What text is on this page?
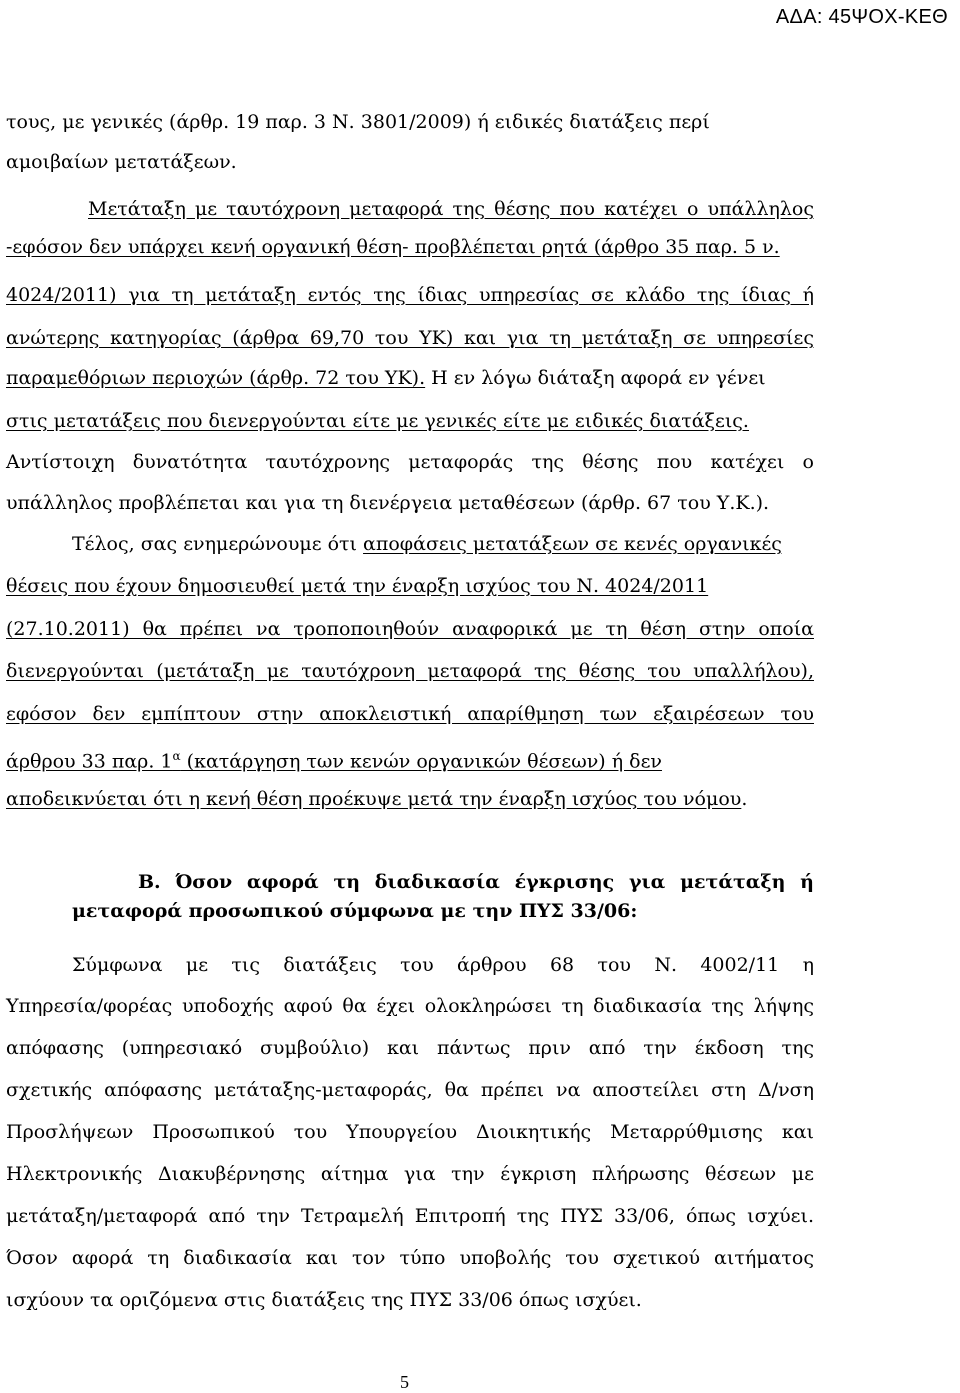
ΑΔΑ: 45ΨΟΧ-ΚΕΘ
τους, με γενικές (άρθρ. 19 παρ. 3 Ν. 3801/2009) ή ειδικές διατάξεις περί
αμοιβαίων μετατάξεων.
Μετάταξη με ταυτόχρονη μεταφορά της θέσης που κατέχει ο υπάλληλος
-εφόσον δεν υπάρχει κενή οργανική θέση- προβλέπεται ρητά (άρθρο 35 παρ. 5 ν.
4024/2011) για τη μετάταξη εντός της ίδιας υπηρεσίας σε κλάδο της ίδιας ή
ανώτερης κατηγορίας (άρθρα 69,70 του ΥΚ) και για τη μετάταξη σε υπηρεσίες
παραμεθόριων περιοχών (άρθρ. 72 του ΥΚ). Η εν λόγω διάταξη αφορά εν γένει
στις μετατάξεις που διενεργούνται είτε με γενικές είτε με ειδικές διατάξεις.
Αντίστοιχη δυνατότητα ταυτόχρονης μεταφοράς της θέσης που κατέχει ο
υπάλληλος προβλέπεται και για τη διενέργεια μεταθέσεων (άρθρ. 67 του Υ.Κ.).
Τέλος, σας ενημερώνουμε ότι αποφάσεις μετατάξεων σε κενές οργανικές
θέσεις που έχουν δημοσιευθεί μετά την έναρξη ισχύος του Ν. 4024/2011
(27.10.2011) θα πρέπει να τροποποιηθούν αναφορικά με τη θέση στην οποία
διενεργούνται (μετάταξη με ταυτόχρονη μεταφορά της θέσης του υπαλλήλου),
εφόσον δεν εμπίπτουν στην αποκλειστική απαρίθμηση των εξαιρέσεων του
άρθρου 33 παρ. $1^\alpha$ (κατάργηση των κενών οργανικών θέσεων) ή δεν
αποδεικνύεται ότι η κενή θέση προέκυψε μετά την έναρξη ισχύος του νόμου.
Β. Όσον αφορά τη διαδικασία έγκρισης για μετάταξη ή
μεταφορά προσωπικού σύμφωνα με την ΠΥΣ 33/06:
Σύμφωνα με τις διατάξεις του άρθρου 68 του Ν. 4002/11 η
Υπηρεσία/φορέας υποδοχής αφού θα έχει ολοκληρώσει τη διαδικασία της λήψης
απόφασης (υπηρεσιακό συμβούλιο) και πάντως πριν από την έκδοση της
σχετικής απόφασης μετάταξης-μεταφοράς, θα πρέπει να αποστείλει στη Δ/νση
Προσλήψεων Προσωπικού του Υπουργείου Διοικητικής Μεταρρύθμισης και
Ηλεκτρονικής Διακυβέρνησης αίτημα για την έγκριση πλήρωσης θέσεων με
μετάταξη/μεταφορά από την Τετραμελή Επιτροπή της ΠΥΣ 33/06, όπως ισχύει.
Όσον αφορά τη διαδικασία και τον τύπο υποβολής του σχετικού αιτήματος
ισχύουν τα οριζόμενα στις διατάξεις της ΠΥΣ 33/06 όπως ισχύει.
5
